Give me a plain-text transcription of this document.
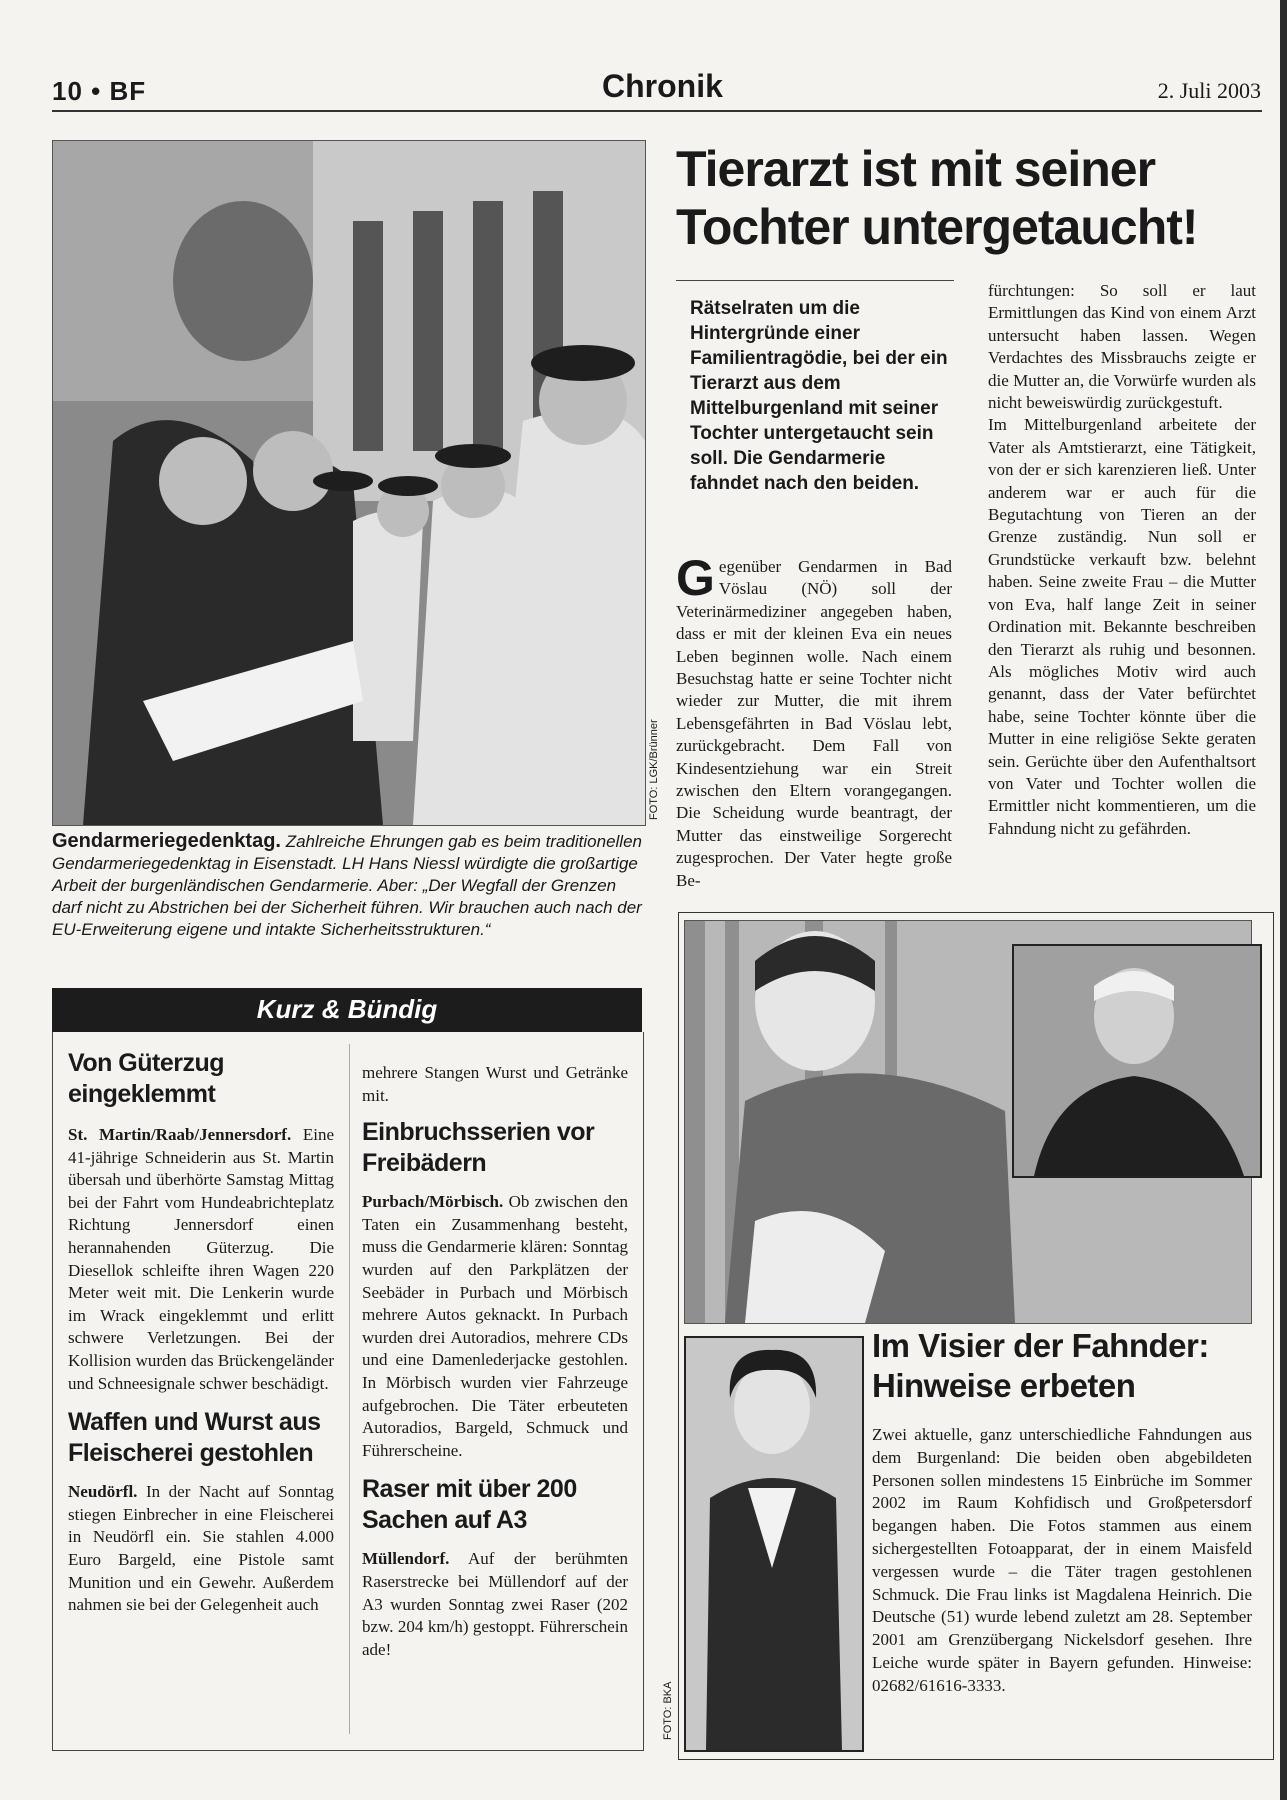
10 • BF	Chronik	2. Juli 2003
FOTO: LGK/Brünner
Gendarmeriegedenktag. Zahlreiche Ehrungen gab es beim traditionellen Gendarmeriegedenktag in Eisenstadt. LH Hans Niessl würdigte die großartige Arbeit der burgenländischen Gendarmerie. Aber: „Der Wegfall der Grenzen darf nicht zu Abstrichen bei der Sicherheit führen. Wir brauchen auch nach der EU-Erweiterung eigene und intakte Sicherheitsstrukturen.“
Tierarzt ist mit seiner Tochter untergetaucht!
Rätselraten um die Hintergründe einer Familientragödie, bei der ein Tierarzt aus dem Mittelburgenland mit seiner Tochter untergetaucht sein soll. Die Gendarmerie fahndet nach den beiden.
Gegenüber Gendarmen in Bad Vöslau (NÖ) soll der Veterinärmediziner angegeben haben, dass er mit der kleinen Eva ein neues Leben beginnen wolle. Nach einem Besuchstag hatte er seine Tochter nicht wieder zur Mutter, die mit ihrem Lebensgefährten in Bad Vöslau lebt, zurückgebracht. Dem Fall von Kindesentziehung war ein Streit zwischen den Eltern vorangegangen. Die Scheidung wurde beantragt, der Mutter das einstweilige Sorgerecht zugesprochen. Der Vater hegte große Be-
fürchtungen: So soll er laut Ermittlungen das Kind von einem Arzt untersucht haben lassen. Wegen Verdachtes des Missbrauchs zeigte er die Mutter an, die Vorwürfe wurden als nicht beweiswürdig zurückgestuft.
Im Mittelburgenland arbeitete der Vater als Amtstierarzt, eine Tätigkeit, von der er sich karenzieren ließ. Unter anderem war er auch für die Begutachtung von Tieren an der Grenze zuständig. Nun soll er Grundstücke verkauft bzw. belehnt haben. Seine zweite Frau – die Mutter von Eva, half lange Zeit in seiner Ordination mit. Bekannte beschreiben den Tierarzt als ruhig und besonnen. Als mögliches Motiv wird auch genannt, dass der Vater befürchtet habe, seine Tochter könnte über die Mutter in eine religiöse Sekte geraten sein. Gerüchte über den Aufenthaltsort von Vater und Tochter wollen die Ermittler nicht kommentieren, um die Fahndung nicht zu gefährden.
Kurz & Bündig
Von Güterzug eingeklemmt

St. Martin/Raab/Jennersdorf. Eine 41-jährige Schneiderin aus St. Martin übersah und überhörte Samstag Mittag bei der Fahrt vom Hundeabrichteplatz Richtung Jennersdorf einen herannahenden Güterzug. Die Diesellok schleifte ihren Wagen 220 Meter weit mit. Die Lenkerin wurde im Wrack eingeklemmt und erlitt schwere Verletzungen. Bei der Kollision wurden das Brückengeländer und Schneesignale schwer beschädigt.

Waffen und Wurst aus Fleischerei gestohlen

Neudörfl. In der Nacht auf Sonntag stiegen Einbrecher in eine Fleischerei in Neudörfl ein. Sie stahlen 4.000 Euro Bargeld, eine Pistole samt Munition und ein Gewehr. Außerdem nahmen sie bei der Gelegenheit auch

mehrere Stangen Wurst und Getränke mit.

Einbruchsserien vor Freibädern

Purbach/Mörbisch. Ob zwischen den Taten ein Zusammenhang besteht, muss die Gendarmerie klären: Sonntag wurden auf den Parkplätzen der Seebäder in Purbach und Mörbisch mehrere Autos geknackt. In Purbach wurden drei Autoradios, mehrere CDs und eine Damenlederjacke gestohlen. In Mörbisch wurden vier Fahrzeuge aufgebrochen. Die Täter erbeuteten Autoradios, Bargeld, Schmuck und Führerscheine.

Raser mit über 200 Sachen auf A3

Müllendorf. Auf der berühmten Raserstrecke bei Müllendorf auf der A3 wurden Sonntag zwei Raser (202 bzw. 204 km/h) gestoppt. Führerschein ade!

FOTO: BKA
Im Visier der Fahnder: Hinweise erbeten
Zwei aktuelle, ganz unterschiedliche Fahndungen aus dem Burgenland: Die beiden oben abgebildeten Personen sollen mindestens 15 Einbrüche im Sommer 2002 im Raum Kohfidisch und Großpetersdorf begangen haben. Die Fotos stammen aus einem sichergestellten Fotoapparat, der in einem Maisfeld vergessen wurde – die Täter tragen gestohlenen Schmuck. Die Frau links ist Magdalena Heinrich. Die Deutsche (51) wurde lebend zuletzt am 28. September 2001 am Grenzübergang Nickelsdorf gesehen. Ihre Leiche wurde später in Bayern gefunden. Hinweise: 02682/61616-3333.
